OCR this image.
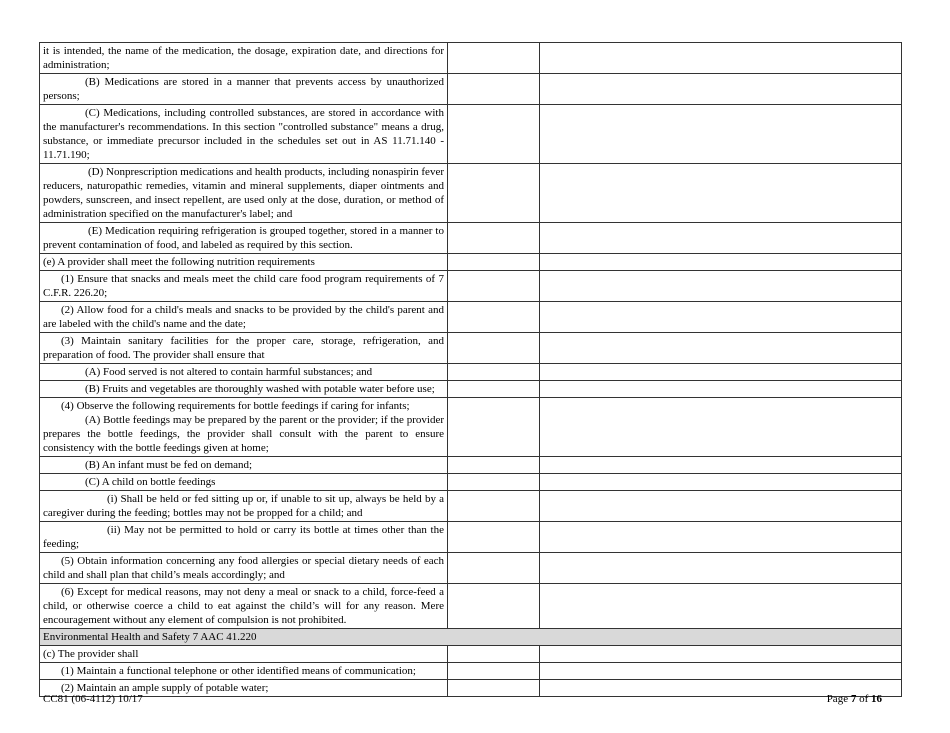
it is intended, the name of the medication, the dosage, expiration date, and directions for administration;		

(B) Medications are stored in a manner that prevents access by unauthorized persons;		

(C) Medications, including controlled substances, are stored in accordance with the manufacturer's recommendations. In this section "controlled substance" means a drug, substance, or immediate precursor included in the schedules set out in AS 11.71.140 - 11.71.190;		

(D) Nonprescription medications and health products, including nonaspirin fever reducers, naturopathic remedies, vitamin and mineral supplements, diaper ointments and powders, sunscreen, and insect repellent, are used only at the dose, duration, or method of administration specified on the manufacturer's label; and		

(E) Medication requiring refrigeration is grouped together, stored in a manner to prevent contamination of food, and labeled as required by this section.		

(e) A provider shall meet the following nutrition requirements		

(1) Ensure that snacks and meals meet the child care food program requirements of 7 C.F.R. 226.20;		

(2) Allow food for a child's meals and snacks to be provided by the child's parent and are labeled with the child's name and the date;		

(3) Maintain sanitary facilities for the proper care, storage, refrigeration, and preparation of food. The provider shall ensure that		

(A) Food served is not altered to contain harmful substances; and		

(B) Fruits and vegetables are thoroughly washed with potable water before use;		

(4) Observe the following requirements for bottle feedings if caring for infants;
(A) Bottle feedings may be prepared by the parent or the provider; if the provider prepares the bottle feedings, the provider shall consult with the parent to ensure consistency with the bottle feedings given at home;		

(B) An infant must be fed on demand;		

(C) A child on bottle feedings		

(i) Shall be held or fed sitting up or, if unable to sit up, always be held by a caregiver during the feeding; bottles may not be propped for a child; and		

(ii) May not be permitted to hold or carry its bottle at times other than the feeding;		

(5) Obtain information concerning any food allergies or special dietary needs of each child and shall plan that child’s meals accordingly; and		

(6) Except for medical reasons, may not deny a meal or snack to a child, force-feed a child, or otherwise coerce a child to eat against the child’s will for any reason. Mere encouragement without any element of compulsion is not prohibited.		

Environmental Health and Safety 7 AAC 41.220		

(c) The provider shall		

(1) Maintain a functional telephone or other identified means of communication;		

(2) Maintain an ample supply of potable water;		

CC81 (06-4112) 10/17	Page 7 of 16
